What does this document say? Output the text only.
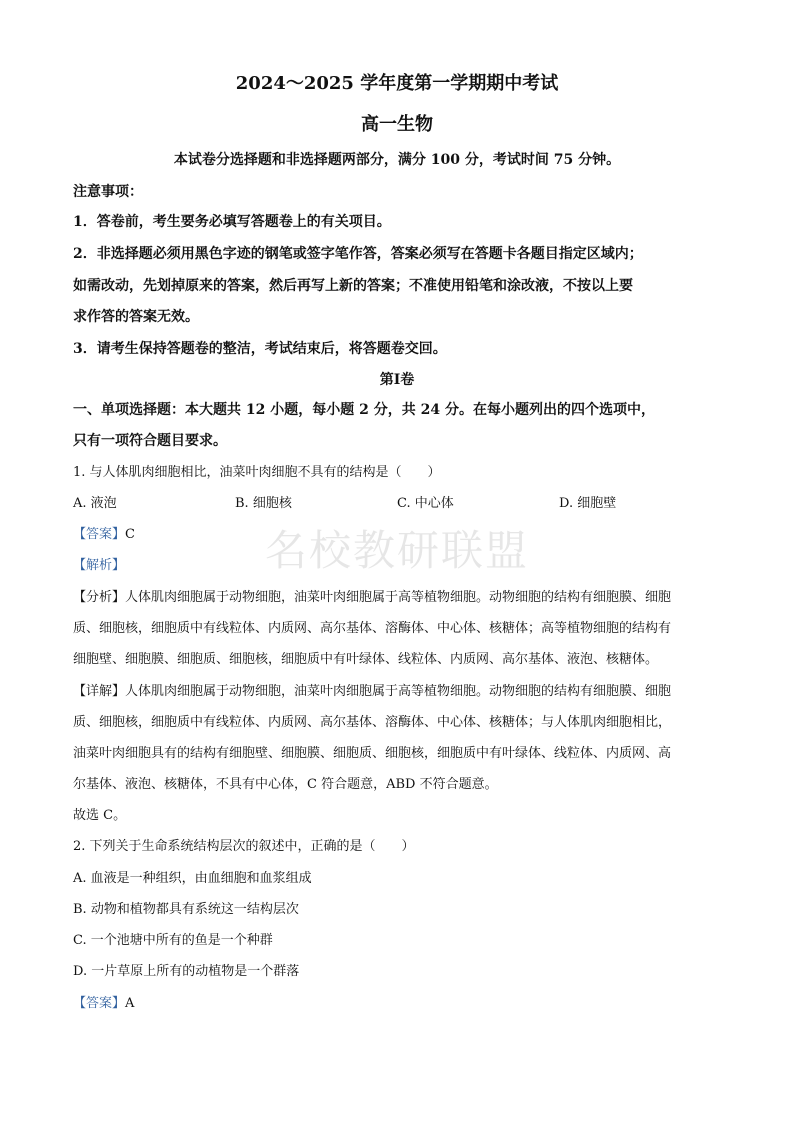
2024～2025 学年度第一学期期中考试
高一生物
本试卷分选择题和非选择题两部分，满分 100 分，考试时间 75 分钟。
注意事项：
1．答卷前，考生要务必填写答题卷上的有关项目。
2．非选择题必须用黑色字迹的钢笔或签字笔作答，答案必须写在答题卡各题目指定区域内；
如需改动，先划掉原来的答案，然后再写上新的答案；不准使用铅笔和涂改液，不按以上要
求作答的答案无效。
3．请考生保持答题卷的整洁，考试结束后，将答题卷交回。
第Ⅰ卷
一、单项选择题：本大题共 12 小题，每小题 2 分，共 24 分。在每小题列出的四个选项中，
只有一项符合题目要求。
1. 与人体肌肉细胞相比，油菜叶肉细胞不具有的结构是（　　）
A. 液泡	B. 细胞核	C. 中心体	D. 细胞壁
名校教研联盟
【答案】C
【解析】
【分析】人体肌肉细胞属于动物细胞，油菜叶肉细胞属于高等植物细胞。动物细胞的结构有细胞膜、细胞
质、细胞核，细胞质中有线粒体、内质网、高尔基体、溶酶体、中心体、核糖体；高等植物细胞的结构有
细胞壁、细胞膜、细胞质、细胞核，细胞质中有叶绿体、线粒体、内质网、高尔基体、液泡、核糖体。
【详解】人体肌肉细胞属于动物细胞，油菜叶肉细胞属于高等植物细胞。动物细胞的结构有细胞膜、细胞
质、细胞核，细胞质中有线粒体、内质网、高尔基体、溶酶体、中心体、核糖体；与人体肌肉细胞相比，
油菜叶肉细胞具有的结构有细胞壁、细胞膜、细胞质、细胞核，细胞质中有叶绿体、线粒体、内质网、高
尔基体、液泡、核糖体，不具有中心体，C 符合题意，ABD 不符合题意。
故选 C。
2. 下列关于生命系统结构层次的叙述中，正确的是（　　）
A. 血液是一种组织，由血细胞和血浆组成
B. 动物和植物都具有系统这一结构层次
C. 一个池塘中所有的鱼是一个种群
D. 一片草原上所有的动植物是一个群落
【答案】A
